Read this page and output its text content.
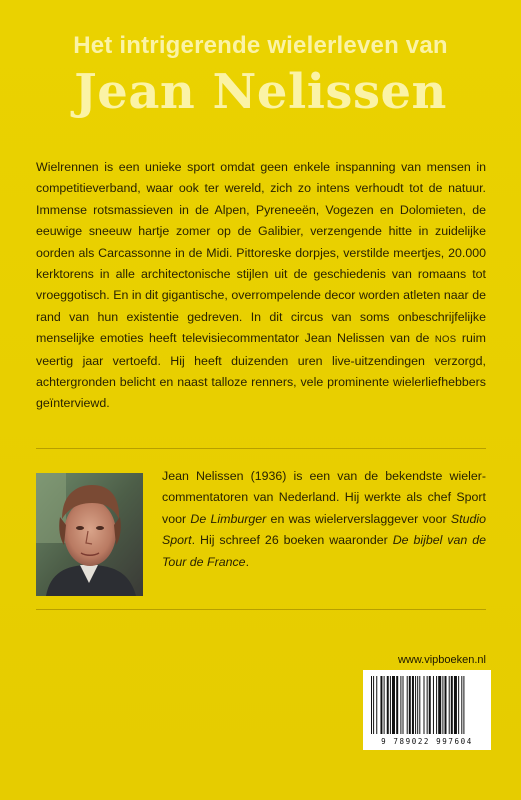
Het intrigerende wielerleven van
Jean Nelissen

Wielrennen is een unieke sport omdat geen enkele inspanning van mensen in competitieverband, waar ook ter wereld, zich zo intens verhoudt tot de natuur. Immense rotsmassieven in de Alpen, Pyreneeën, Vogezen en Dolomieten, de eeuwige sneeuw hartje zomer op de Galibier, verzengende hitte in zuidelijke oorden als Carcassonne in de Midi. Pittoreske dorpjes, verstilde meertjes, 20.000 kerktorens in alle architectonische stijlen uit de geschiedenis van romaans tot vroeggotisch. En in dit gigantische, overrompelende decor worden atleten naar de rand van hun existentie gedreven. In dit circus van soms onbeschrijfelijke menselijke emoties heeft televisiecommentator Jean Nelissen van de NOS ruim veertig jaar vertoefd. Hij heeft duizenden uren live-uitzendingen verzorgd, achtergronden belicht en naast talloze renners, vele prominente wielerliefhebbers geïnterviewd.

Jean Nelissen (1936) is een van de bekendste wieler-commentatoren van Nederland. Hij werkte als chef Sport voor De Limburger en was wielerverslaggever voor Studio Sport. Hij schreef 26 boeken waaronder De bijbel van de Tour de France.

www.vipboeken.nl
9 789022 997604
